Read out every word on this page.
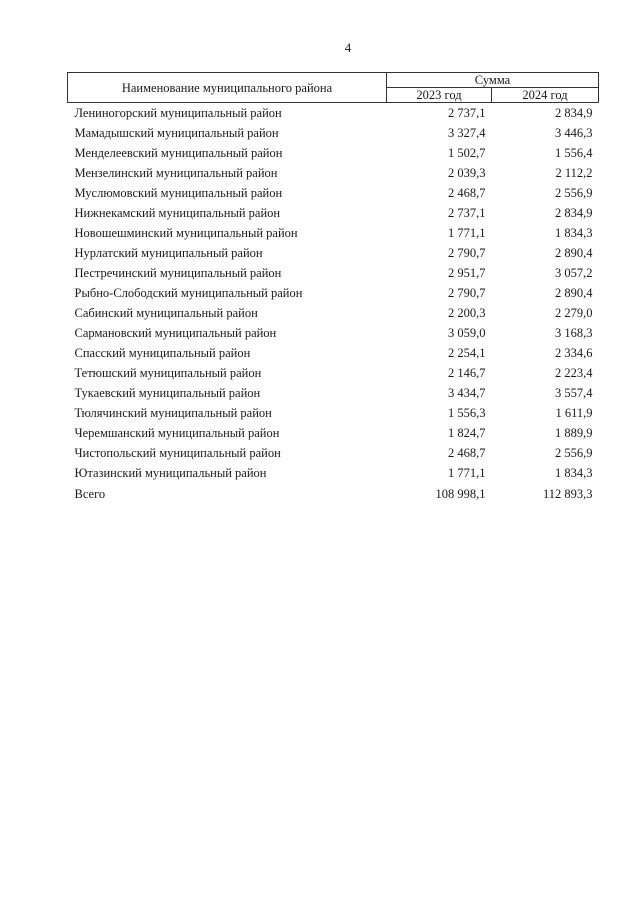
4
Наименование муниципального района	Сумма	
	2023 год	2024 год
Лениногорский муниципальный район	2 737,1	2 834,9
Мамадышский муниципальный район	3 327,4	3 446,3
Менделеевский муниципальный район	1 502,7	1 556,4
Мензелинский муниципальный район	2 039,3	2 112,2
Муслюмовский муниципальный район	2 468,7	2 556,9
Нижнекамский муниципальный район	2 737,1	2 834,9
Новошешминский муниципальный район	1 771,1	1 834,3
Нурлатский муниципальный район	2 790,7	2 890,4
Пестречинский муниципальный район	2 951,7	3 057,2
Рыбно-Слободский муниципальный район	2 790,7	2 890,4
Сабинский муниципальный район	2 200,3	2 279,0
Сармановский муниципальный район	3 059,0	3 168,3
Спасский муниципальный район	2 254,1	2 334,6
Тетюшский муниципальный район	2 146,7	2 223,4
Тукаевский муниципальный район	3 434,7	3 557,4
Тюлячинский муниципальный район	1 556,3	1 611,9
Черемшанский муниципальный район	1 824,7	1 889,9
Чистопольский муниципальный район	2 468,7	2 556,9
Ютазинский муниципальный район	1 771,1	1 834,3
Всего	108 998,1	112 893,3
